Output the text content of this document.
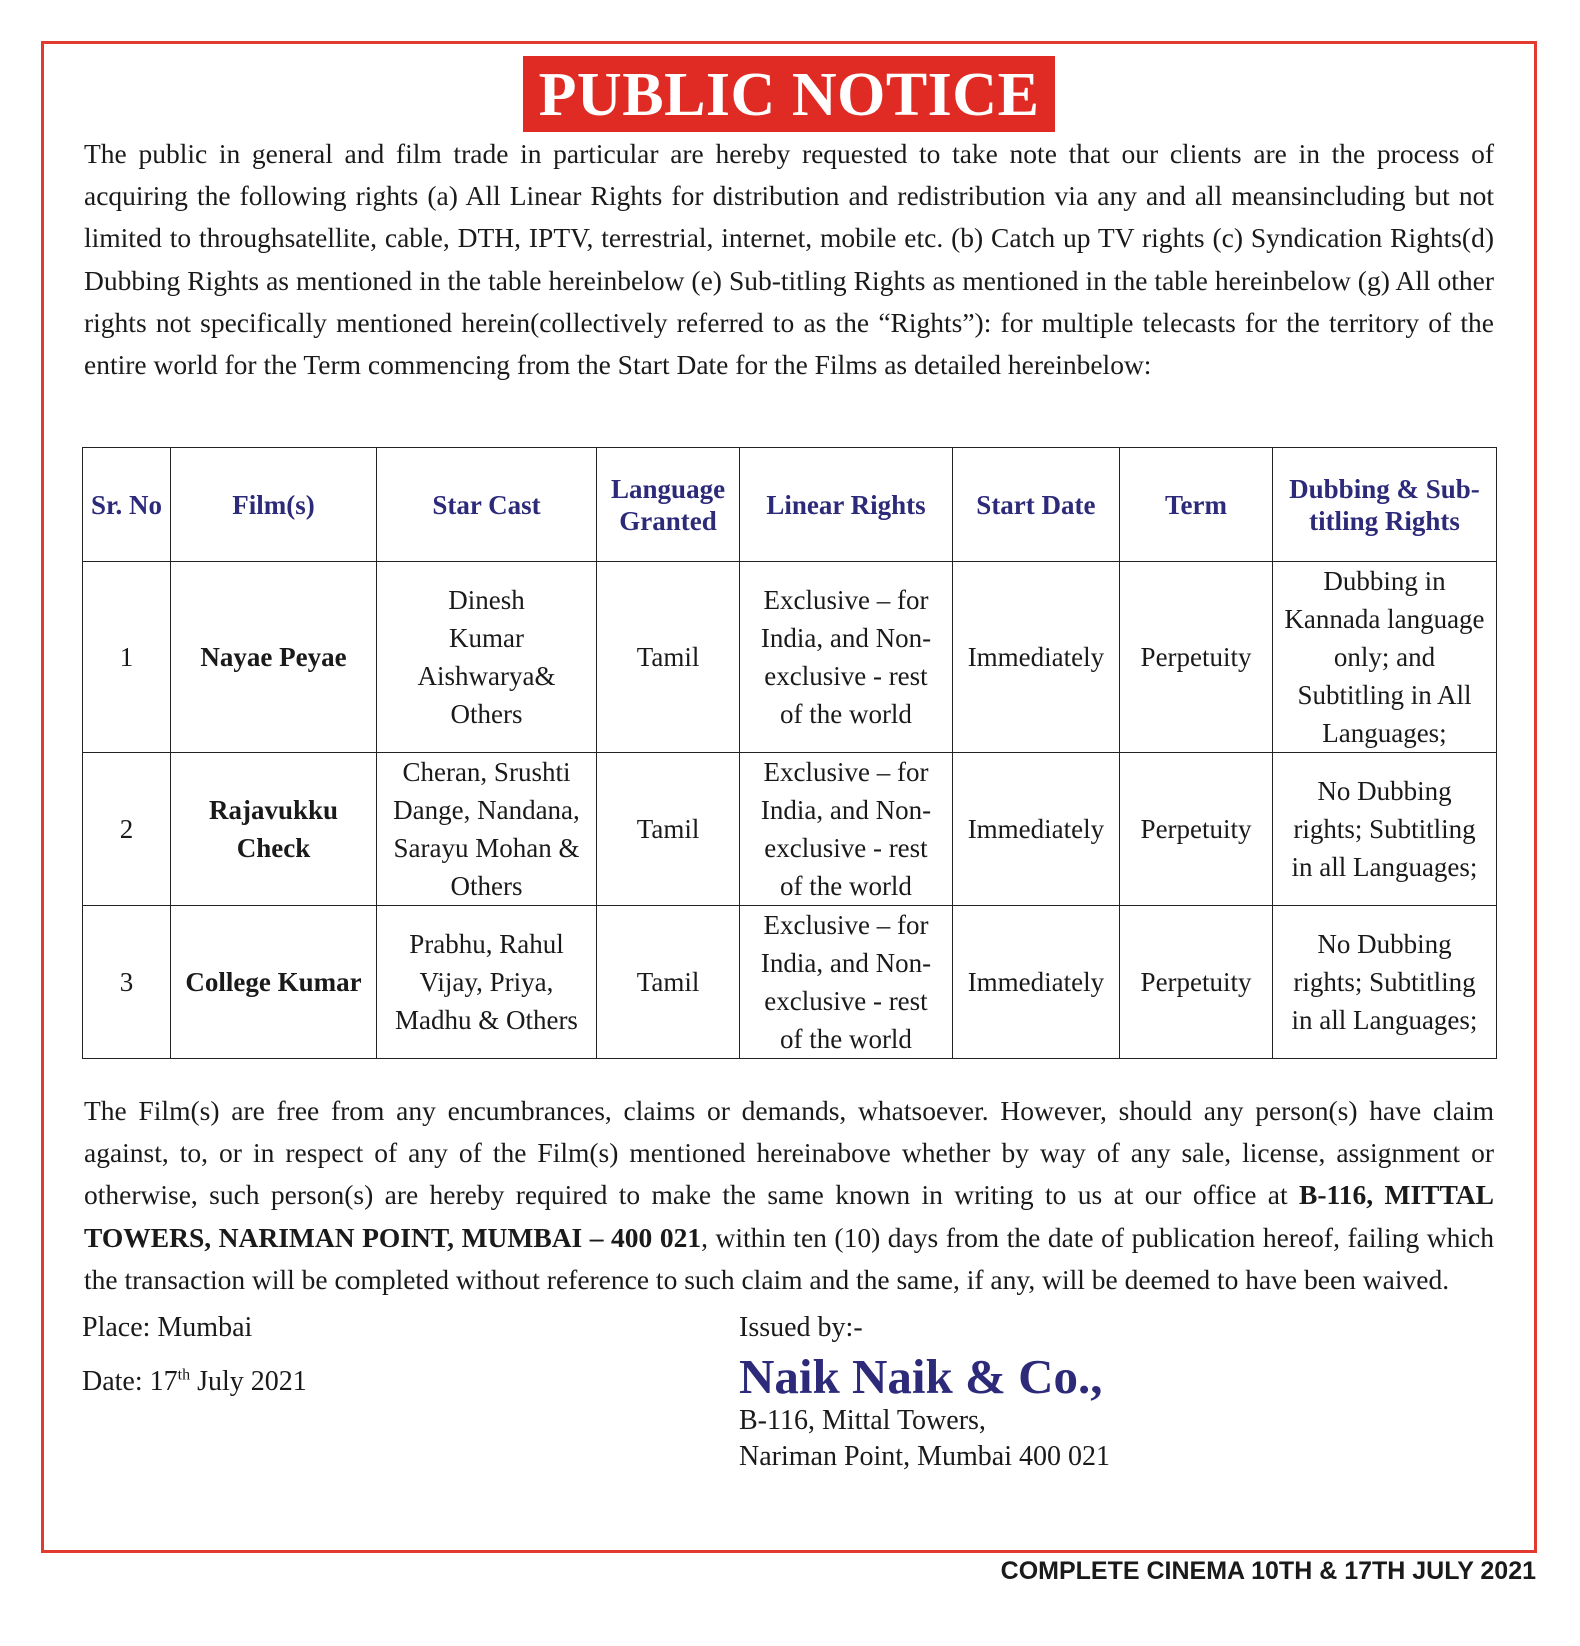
PUBLIC NOTICE
The public in general and film trade in particular are hereby requested to take note that our clients are in the process of acquiring the following rights (a) All Linear Rights for distribution and redistribution via any and all meansincluding but not limited to throughsatellite, cable, DTH, IPTV, terrestrial, internet, mobile etc. (b) Catch up TV rights (c) Syndication Rights(d) Dubbing Rights as mentioned in the table hereinbelow (e) Sub-titling Rights as mentioned in the table hereinbelow (g) All other rights not specifically mentioned herein(collectively referred to as the “Rights”): for multiple telecasts for the territory of the entire world for the Term commencing from the Start Date for the Films as detailed hereinbelow:
Sr. No	Film(s)	Star Cast	Language Granted	Linear Rights	Start Date	Term	Dubbing & Sub-titling Rights
1	Nayae Peyae	Dinesh Kumar Aishwarya& Others	Tamil	Exclusive – for India, and Non-exclusive - rest of the world	Immediately	Perpetuity	Dubbing in Kannada language only; and Subtitling in All Languages;
2	Rajavukku Check	Cheran, Srushti Dange, Nandana, Sarayu Mohan & Others	Tamil	Exclusive – for India, and Non-exclusive - rest of the world	Immediately	Perpetuity	No Dubbing rights; Subtitling in all Languages;
3	College Kumar	Prabhu, Rahul Vijay, Priya, Madhu & Others	Tamil	Exclusive – for India, and Non-exclusive - rest of the world	Immediately	Perpetuity	No Dubbing rights; Subtitling in all Languages;
The Film(s) are free from any encumbrances, claims or demands, whatsoever. However, should any person(s) have claim against, to, or in respect of any of the Film(s) mentioned hereinabove whether by way of any sale, license, assignment or otherwise, such person(s) are hereby required to make the same known in writing to us at our office at B-116, MITTAL TOWERS, NARIMAN POINT, MUMBAI – 400 021, within ten (10) days from the date of publication hereof, failing which the transaction will be completed without reference to such claim and the same, if any, will be deemed to have been waived.
Place: Mumbai
Date: 17th July 2021
Issued by:-
Naik Naik & Co.,
B-116, Mittal Towers,
Nariman Point, Mumbai 400 021
COMPLETE CINEMA 10TH & 17TH JULY 2021
